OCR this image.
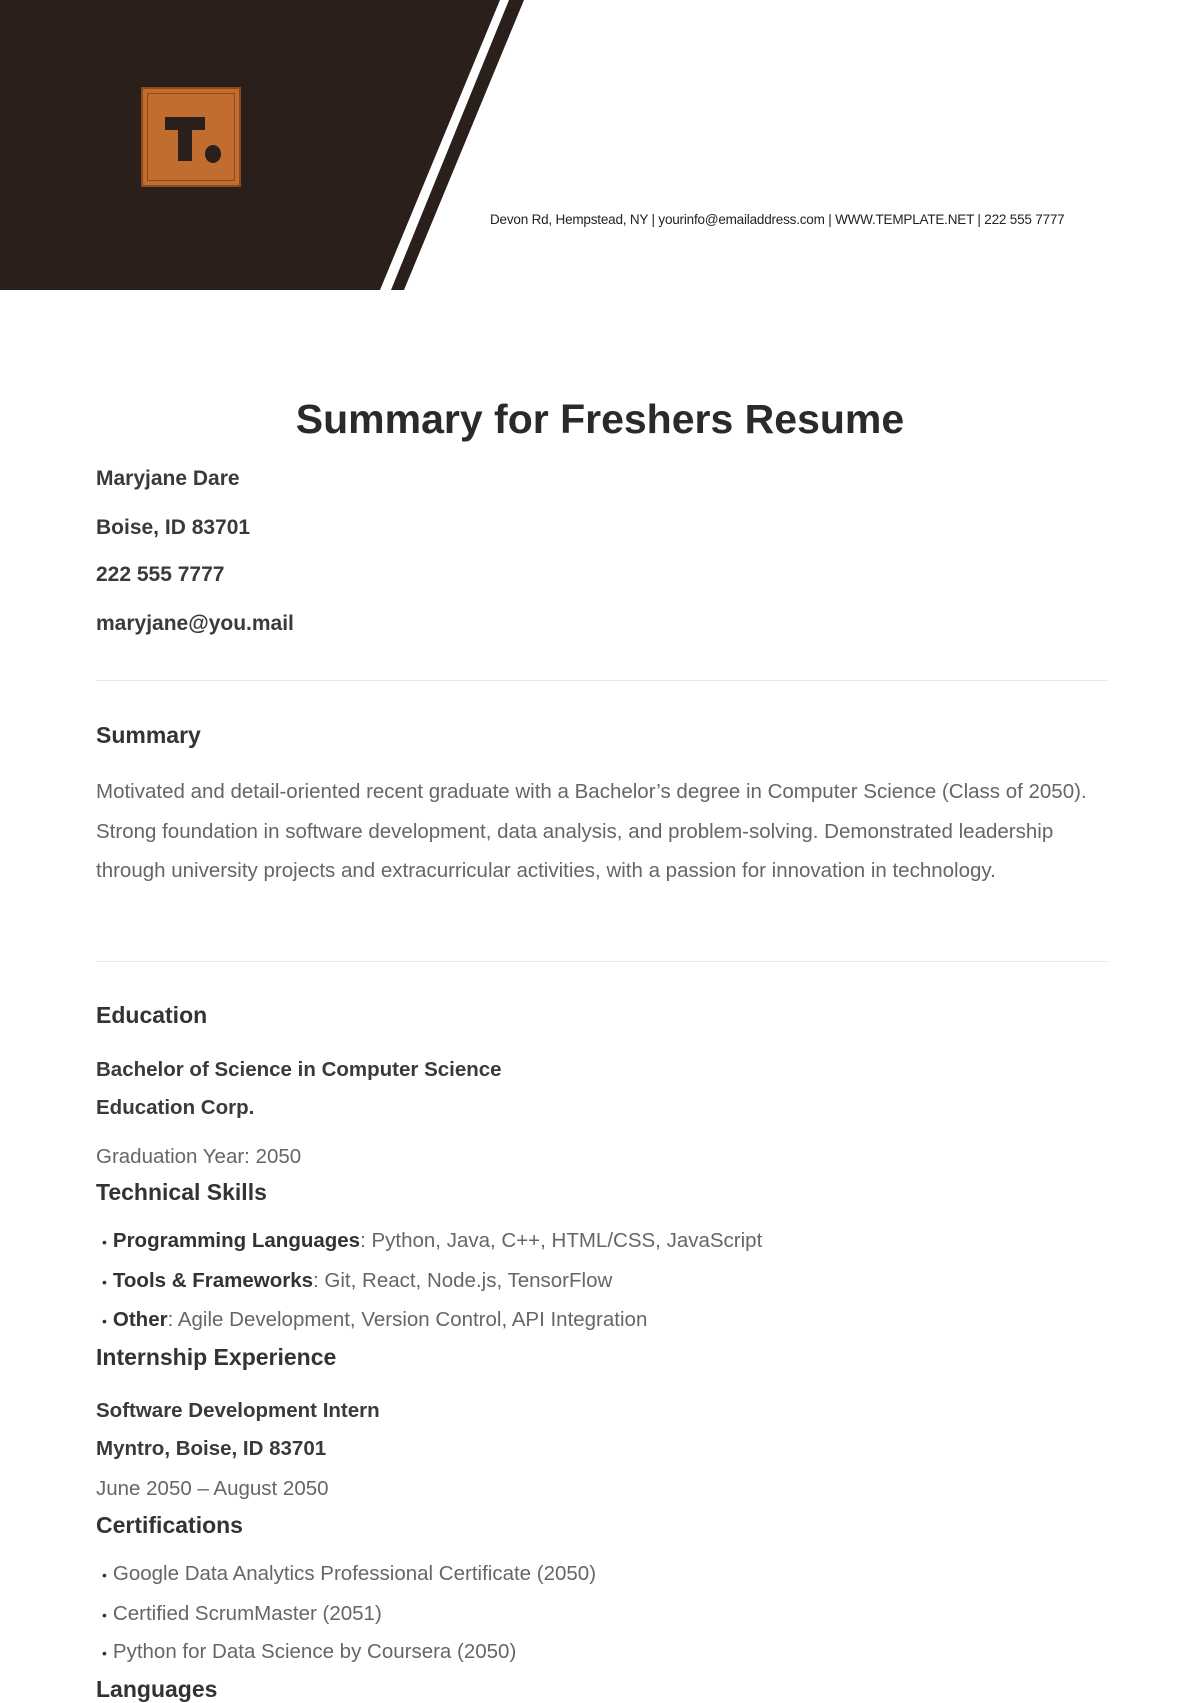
Devon Rd, Hempstead, NY | yourinfo@emailaddress.com | WWW.TEMPLATE.NET | 222 555 7777
Summary for Freshers Resume
Maryjane Dare
Boise, ID 83701
222 555 7777
maryjane@you.mail
Summary
Motivated and detail-oriented recent graduate with a Bachelor’s degree in Computer Science (Class of 2050). Strong foundation in software development, data analysis, and problem-solving. Demonstrated leadership through university projects and extracurricular activities, with a passion for innovation in technology.
Education
Bachelor of Science in Computer Science
Education Corp.
Graduation Year: 2050
Technical Skills
• Programming Languages: Python, Java, C++, HTML/CSS, JavaScript
• Tools & Frameworks: Git, React, Node.js, TensorFlow
• Other: Agile Development, Version Control, API Integration
Internship Experience
Software Development Intern
Myntro, Boise, ID 83701
June 2050 – August 2050
Certifications
• Google Data Analytics Professional Certificate (2050)
• Certified ScrumMaster (2051)
• Python for Data Science by Coursera (2050)
Languages
